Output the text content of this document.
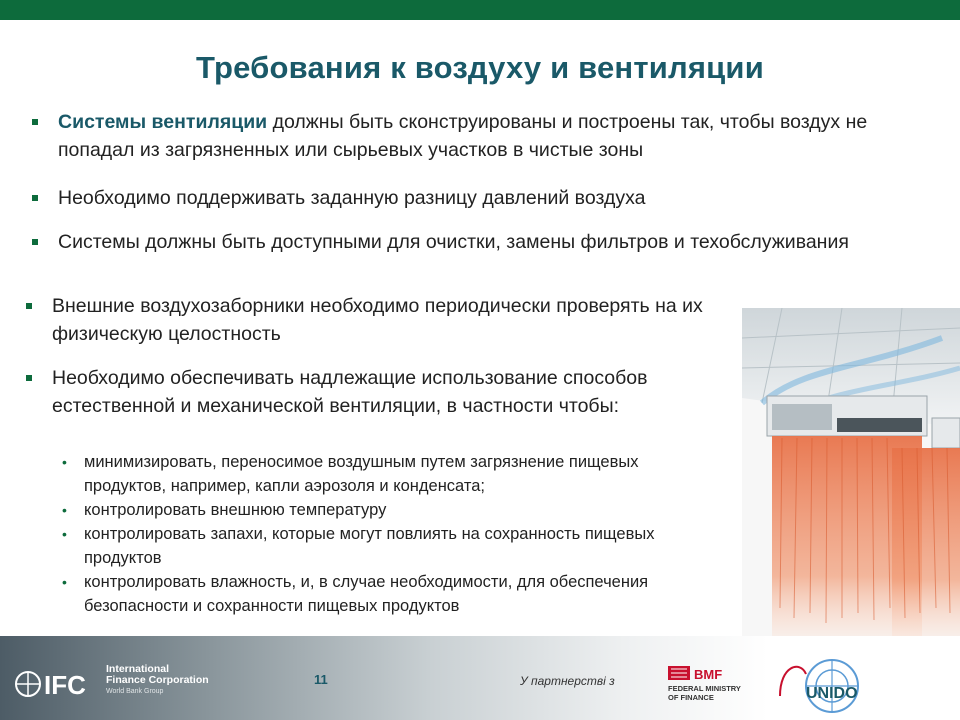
Требования к воздуху и вентиляции
Системы вентиляции должны быть сконструированы и построены так, чтобы воздух не попадал из загрязненных или сырьевых участков в чистые зоны
Необходимо поддерживать заданную разницу давлений воздуха
Системы должны быть доступными для очистки, замены фильтров и техобслуживания
Внешние воздухозаборники необходимо периодически проверять на их физическую целостность
Необходимо обеспечивать надлежащие использование способов естественной и механической вентиляции, в частности чтобы:
• минимизировать, переносимое воздушным путем загрязнение пищевых продуктов, например, капли аэрозоля и конденсата;
• контролировать внешнюю температуру
• контролировать запахи, которые могут повлиять на сохранность пищевых продуктов
• контролировать влажность, и, в случае необходимости, для обеспечения безопасности и сохранности пищевых продуктов
IFC
International
Finance Corporation
World Bank Group
11	У партнерстві з	BMF
FEDERAL MINISTRY
OF FINANCE	UNIDO
